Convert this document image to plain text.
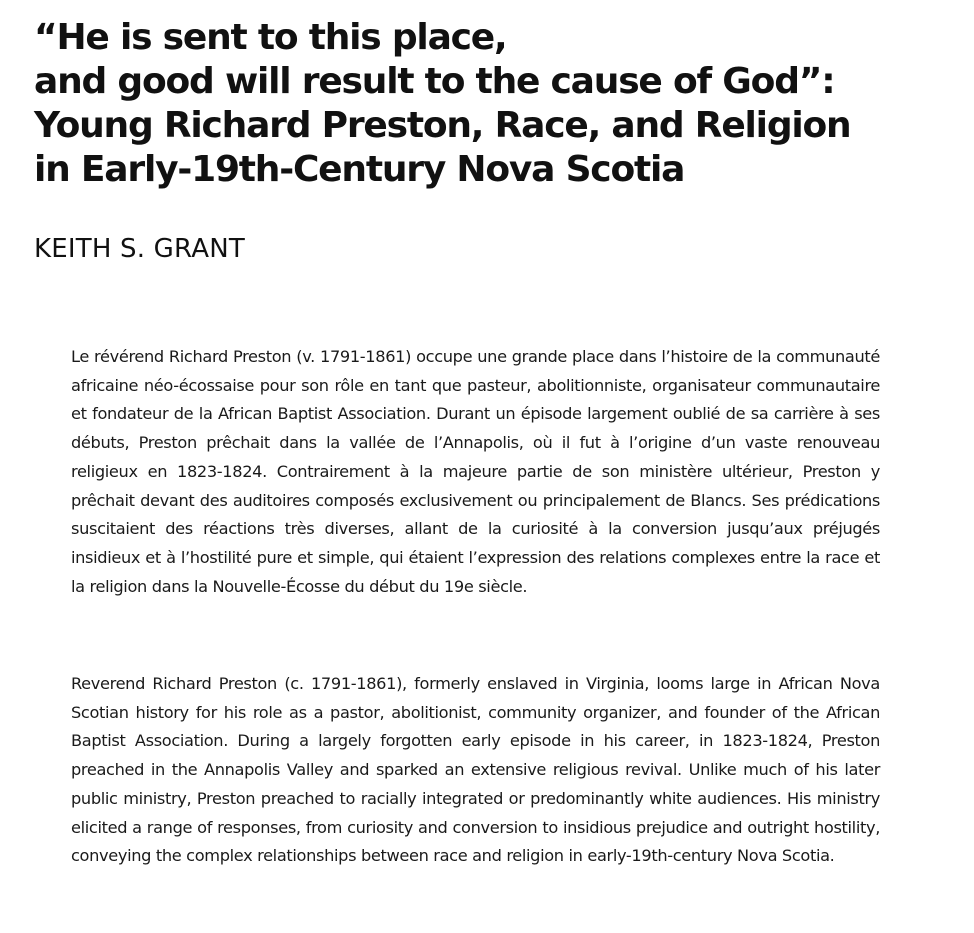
“He is sent to this place,
and good will result to the cause of God”:
Young Richard Preston, Race, and Religion
in Early-19th-Century Nova Scotia
KEITH S. GRANT

Le révérend Richard Preston (v. 1791-1861) occupe une grande place dans l’histoire de la communauté africaine néo-écossaise pour son rôle en tant que pasteur, abolitionniste, organisateur communautaire et fondateur de la African Baptist Association. Durant un épisode largement oublié de sa carrière à ses débuts, Preston prêchait dans la vallée de l’Annapolis, où il fut à l’origine d’un vaste renouveau religieux en 1823-1824. Contrairement à la majeure partie de son ministère ultérieur, Preston y prêchait devant des auditoires composés exclusivement ou principalement de Blancs. Ses prédications suscitaient des réactions très diverses, allant de la curiosité à la conversion jusqu’aux préjugés insidieux et à l’hostilité pure et simple, qui étaient l’expression des relations complexes entre la race et la religion dans la Nouvelle-Écosse du début du 19e siècle.

Reverend Richard Preston (c. 1791-1861), formerly enslaved in Virginia, looms large in African Nova Scotian history for his role as a pastor, abolitionist, community organizer, and founder of the African Baptist Association. During a largely forgotten early episode in his career, in 1823-1824, Preston preached in the Annapolis Valley and sparked an extensive religious revival. Unlike much of his later public ministry, Preston preached to racially integrated or predominantly white audiences. His ministry elicited a range of responses, from curiosity and conversion to insidious prejudice and outright hostility, conveying the complex relationships between race and religion in early-19th-century Nova Scotia.
